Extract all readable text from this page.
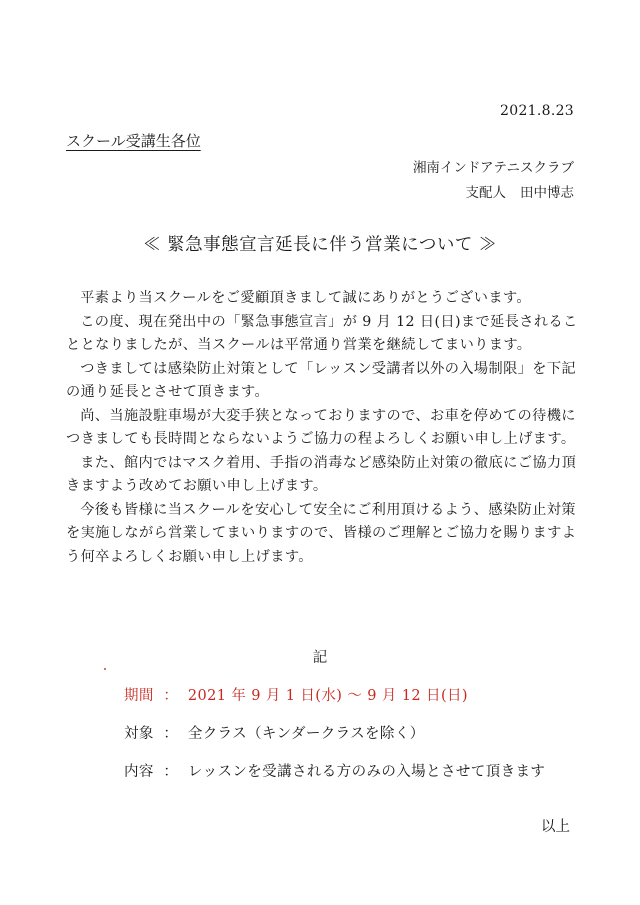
2021.8.23
スクール受講生各位
湘南インドアテニスクラブ
支配人 田中博志
≪ 緊急事態宣言延長に伴う営業について ≫

平素より当スクールをご愛顧頂きまして誠にありがとうございます。

この度、現在発出中の「緊急事態宣言」が 9 月 12 日(日)まで延長されることとなりましたが、当スクールは平常通り営業を継続してまいります。

つきましては感染防止対策として「レッスン受講者以外の入場制限」を下記の通り延長とさせて頂きます。

尚、当施設駐車場が大変手狭となっておりますので、お車を停めての待機につきましても長時間とならないようご協力の程よろしくお願い申し上げます。

また、館内ではマスク着用、手指の消毒など感染防止対策の徹底にご協力頂きますよう改めてお願い申し上げます。

今後も皆様に当スクールを安心して安全にご利用頂けるよう、感染防止対策を実施しながら営業してまいりますので、皆様のご理解とご協力を賜りますよう何卒よろしくお願い申し上げます。

記
期間 ： 2021 年 9 月 1 日(水) ～ 9 月 12 日(日)
対象 ： 全クラス（キンダークラスを除く）
内容 ： レッスンを受講される方のみの入場とさせて頂きます
以上
